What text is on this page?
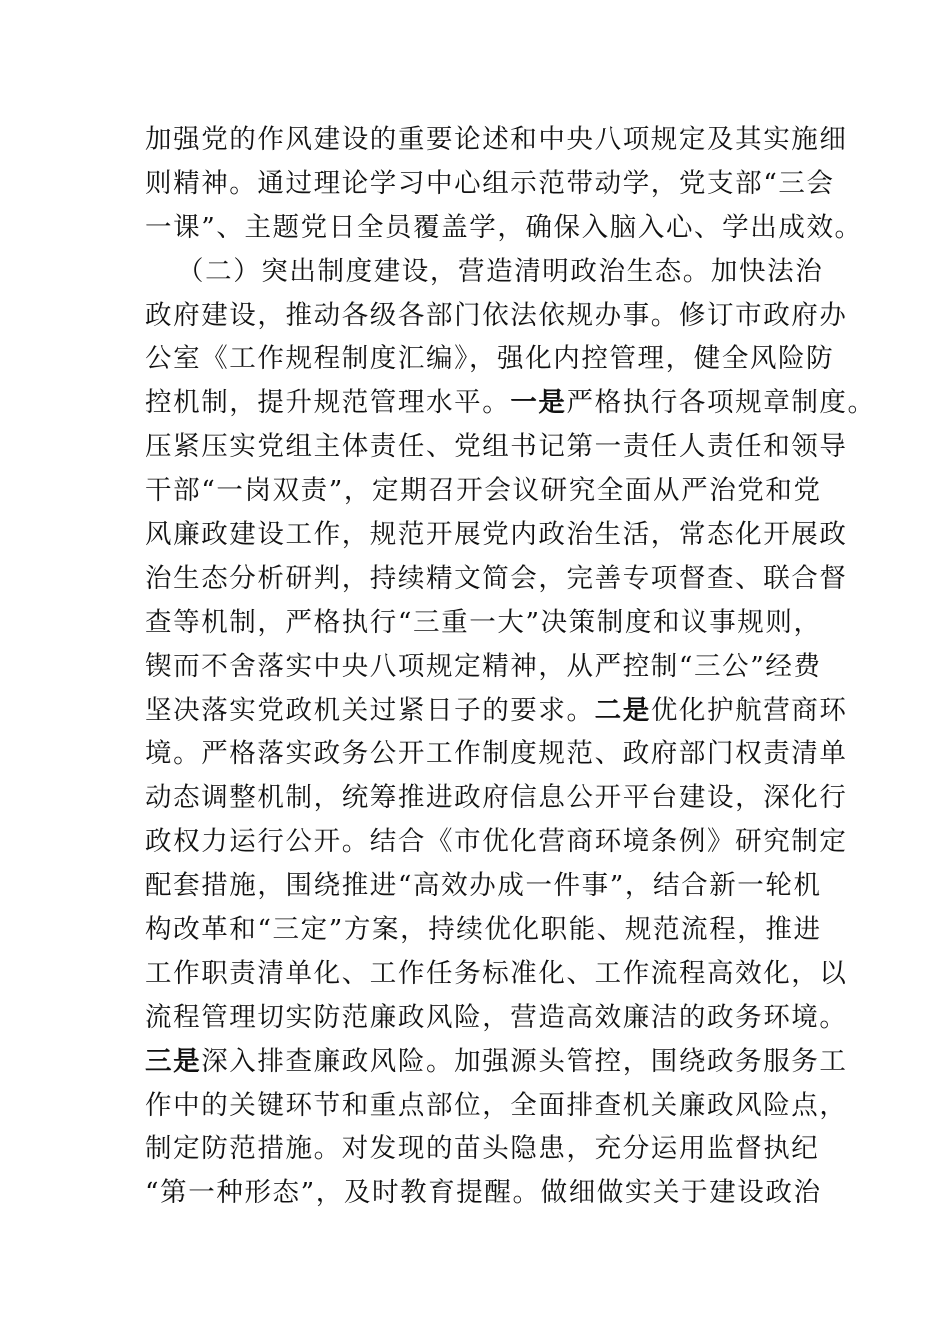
加强党的作风建设的重要论述和中央八项规定及其实施细
则精神。通过理论学习中心组示范带动学，党支部“三会
一课”、主题党日全员覆盖学，确保入脑入心、学出成效。
（二）突出制度建设，营造清明政治生态。加快法治
政府建设，推动各级各部门依法依规办事。修订市政府办
公室《工作规程制度汇编》，强化内控管理，健全风险防
控机制，提升规范管理水平。一是严格执行各项规章制度。
压紧压实党组主体责任、党组书记第一责任人责任和领导
干部“一岗双责”，定期召开会议研究全面从严治党和党
风廉政建设工作，规范开展党内政治生活，常态化开展政
治生态分析研判，持续精文简会，完善专项督查、联合督
查等机制，严格执行“三重一大”决策制度和议事规则，
锲而不舍落实中央八项规定精神，从严控制“三公”经费
坚决落实党政机关过紧日子的要求。二是优化护航营商环
境。严格落实政务公开工作制度规范、政府部门权责清单
动态调整机制，统筹推进政府信息公开平台建设，深化行
政权力运行公开。结合《市优化营商环境条例》研究制定
配套措施，围绕推进“高效办成一件事”，结合新一轮机
构改革和“三定”方案，持续优化职能、规范流程，推进
工作职责清单化、工作任务标准化、工作流程高效化，以
流程管理切实防范廉政风险，营造高效廉洁的政务环境。
三是深入排查廉政风险。加强源头管控，围绕政务服务工
作中的关键环节和重点部位，全面排查机关廉政风险点，
制定防范措施。对发现的苗头隐患，充分运用监督执纪
“第一种形态”，及时教育提醒。做细做实关于建设政治
